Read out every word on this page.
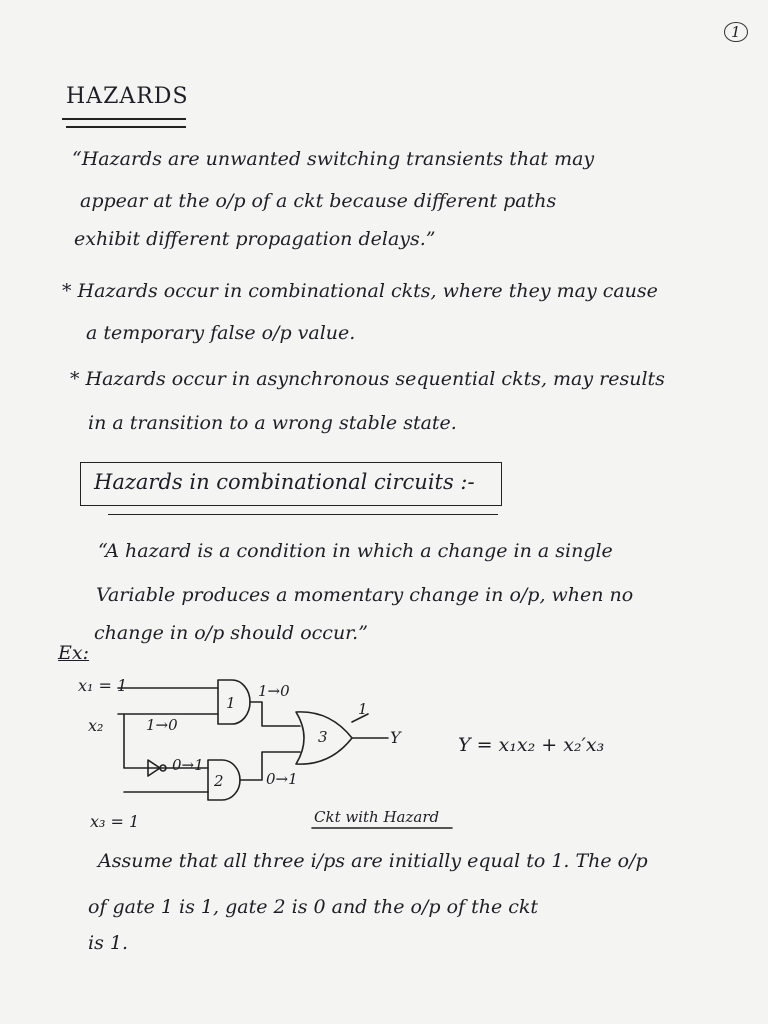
1
HAZARDS
“Hazards are unwanted switching transients that may
appear at the o/p of a ckt because different paths
exhibit different propagation delays.”
* Hazards occur in combinational ckts, where they may cause
a temporary false o/p value.
* Hazards occur in asynchronous sequential ckts, may results
in a transition to a wrong stable state.
Hazards in combinational circuits :-
“A hazard is a condition in which a change in a single
Variable produces a momentary change in o/p, when no
change in o/p should occur.”
Ex:
x₁ = 1
x₂
x₃ = 1
1→0
0→1
1→0
0→1
1
2
3
1
Y	Y = x₁x₂ + x₂′x₃
Ckt with Hazard
Assume that all three i/ps are initially equal to 1. The o/p
of gate 1 is 1, gate 2 is 0 and the o/p of the ckt
is 1.
